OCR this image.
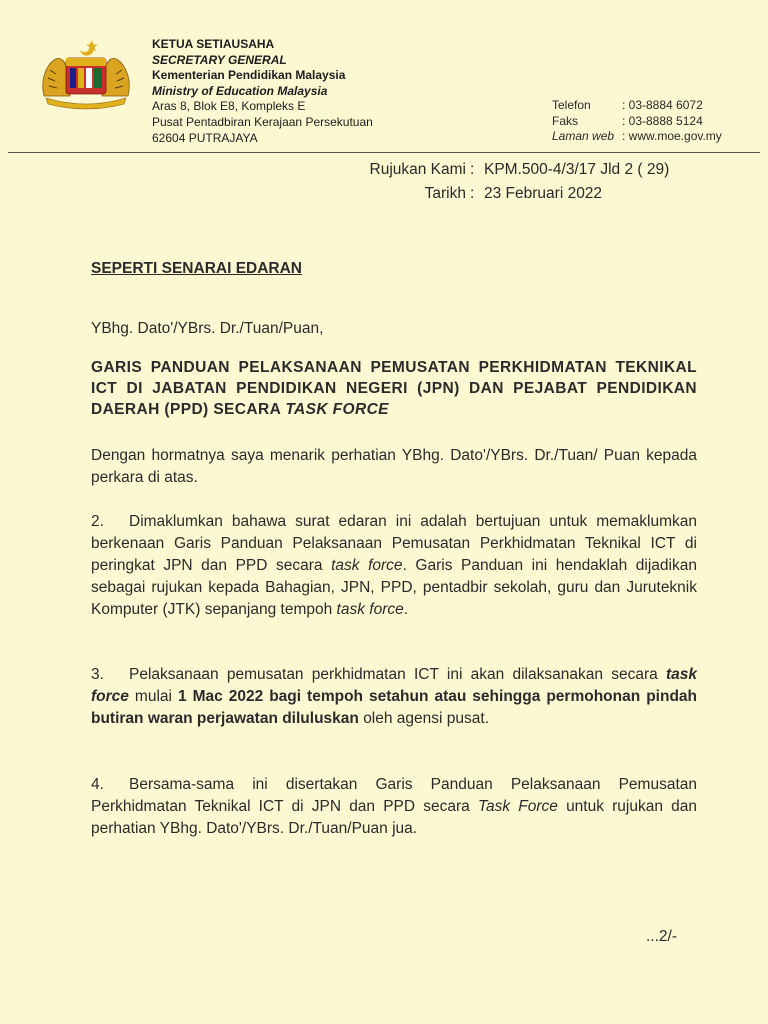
KETUA SETIAUSAHA
SECRETARY GENERAL
Kementerian Pendidikan Malaysia
Ministry of Education Malaysia
Aras 8, Blok E8, Kompleks E
Pusat Pentadbiran Kerajaan Persekutuan
62604 PUTRAJAYA
Telefon	: 03-8884 6072
Faks	: 03-8888 5124
Laman web : www.moe.gov.my
Rujukan Kami
Tarikh
:
:
KPM.500-4/3/17 Jld 2 ( 29)
23 Februari 2022
SEPERTI SENARAI EDARAN
YBhg. Dato'/YBrs. Dr./Tuan/Puan,
GARIS PANDUAN PELAKSANAAN PEMUSATAN PERKHIDMATAN TEKNIKAL ICT DI JABATAN PENDIDIKAN NEGERI (JPN) DAN PEJABAT PENDIDIKAN DAERAH (PPD) SECARA TASK FORCE
Dengan hormatnya saya menarik perhatian YBhg. Dato'/YBrs. Dr./Tuan/ Puan kepada perkara di atas.
2. Dimaklumkan bahawa surat edaran ini adalah bertujuan untuk memaklumkan berkenaan Garis Panduan Pelaksanaan Pemusatan Perkhidmatan Teknikal ICT di peringkat JPN dan PPD secara task force. Garis Panduan ini hendaklah dijadikan sebagai rujukan kepada Bahagian, JPN, PPD, pentadbir sekolah, guru dan Juruteknik Komputer (JTK) sepanjang tempoh task force.
3. Pelaksanaan pemusatan perkhidmatan ICT ini akan dilaksanakan secara task force mulai 1 Mac 2022 bagi tempoh setahun atau sehingga permohonan pindah butiran waran perjawatan diluluskan oleh agensi pusat.
4. Bersama-sama ini disertakan Garis Panduan Pelaksanaan Pemusatan Perkhidmatan Teknikal ICT di JPN dan PPD secara Task Force untuk rujukan dan perhatian YBhg. Dato'/YBrs. Dr./Tuan/Puan jua.
...2/-
